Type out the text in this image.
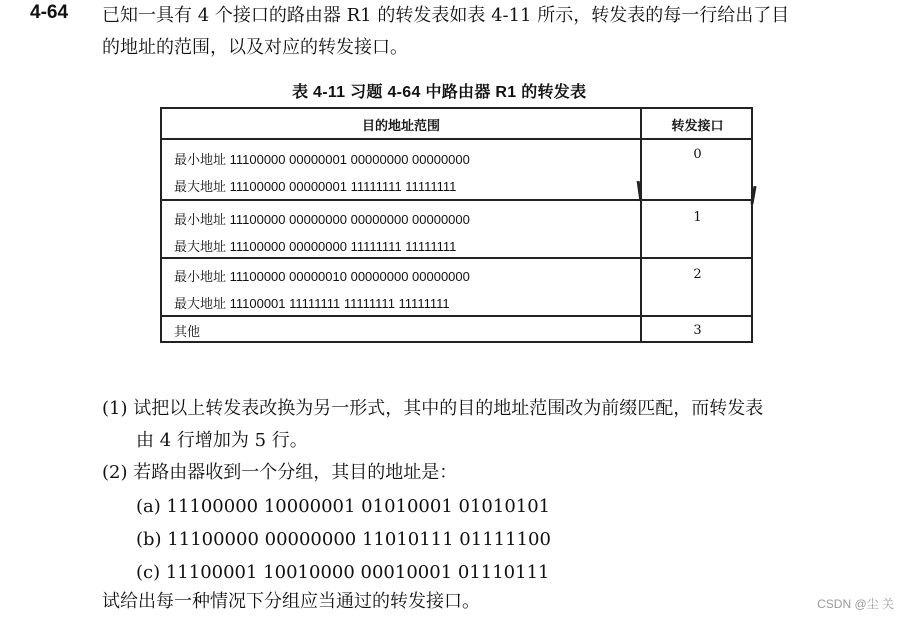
4-64 已知一具有 4 个接口的路由器 R1 的转发表如表 4-11 所示，转发表的每一行给出了目
的地址的范围，以及对应的转发接口。
表 4-11 习题 4-64 中路由器 R1 的转发表
目的地址范围	转发接口
最小地址 11100000 00000001 00000000 00000000
最大地址 11100000 00000001 11111111 11111111
0
最小地址 11100000 00000000 00000000 00000000
最大地址 11100000 00000000 11111111 11111111
1
最小地址 11100000 00000010 00000000 00000000
最大地址 11100001 11111111 11111111 11111111
2
其他	3
(1) 试把以上转发表改换为另一形式，其中的目的地址范围改为前缀匹配，而转发表
由 4 行增加为 5 行。
(2) 若路由器收到一个分组，其目的地址是：
(a) 11100000 10000001 01010001 01010101
(b) 11100000 00000000 11010111 01111100
(c) 11100001 10010000 00010001 01110111
试给出每一种情况下分组应当通过的转发接口。	CSDN @尘 关
